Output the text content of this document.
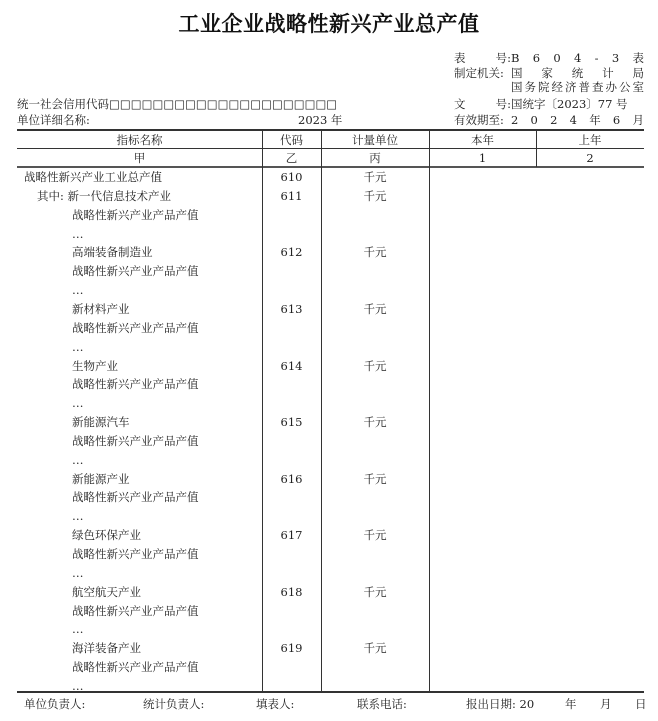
工业企业战略性新兴产业总产值
表	号: B 6 0 4 - 3 表
制定机关: 国 家 统 计 局
国 务 院 经 济 普 查 办 公 室
文	号: 国统字〔2023〕77 号
有效期至: 2 0 2 4 年 6 月
统一社会信用代码□□□□□□□□□□□□□□□□□□□□□
单位详细名称:	2023 年
指标名称	代码	计量单位	本年	上年
甲	乙	丙	1	2
战略性新兴产业工业总产值	610	千元
其中: 新一代信息技术产业	611	千元
战略性新兴产业产品产值
…
高端装备制造业	612	千元
战略性新兴产业产品产值
…
新材料产业	613	千元
战略性新兴产业产品产值
…
生物产业	614	千元
战略性新兴产业产品产值
…
新能源汽车	615	千元
战略性新兴产业产品产值
…
新能源产业	616	千元
战略性新兴产业产品产值
…
绿色环保产业	617	千元
战略性新兴产业产品产值
…
航空航天产业	618	千元
战略性新兴产业产品产值
…
海洋装备产业	619	千元
战略性新兴产业产品产值
…
单位负责人:	统计负责人:	填表人:	联系电话:	报出日期: 20	年 月 日
